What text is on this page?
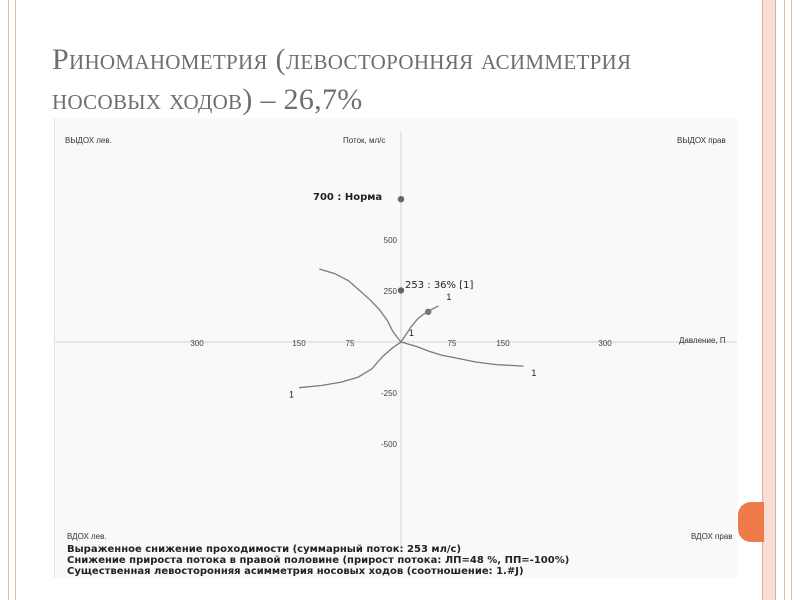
Риноманометрия (левосторонняя асимметрия носовых ходов) – 26,7%
300	150	75	75	150	300
500
250
-250
-500
1
1
1
1
ВЫДОХ лев.	Поток, мл/с	ВЫДОХ прав
Давление, П
ВДОХ лев.	ВДОХ прав
700 : Норма
253 : 36% [1]
Выраженное снижение проходимости (суммарный поток: 253 мл/с)
Снижение прироста потока в правой половине (прирост потока: ЛП=48 %, ПП=-100%)
Существенная левосторонняя асимметрия носовых ходов (соотношение: 1.#J)
